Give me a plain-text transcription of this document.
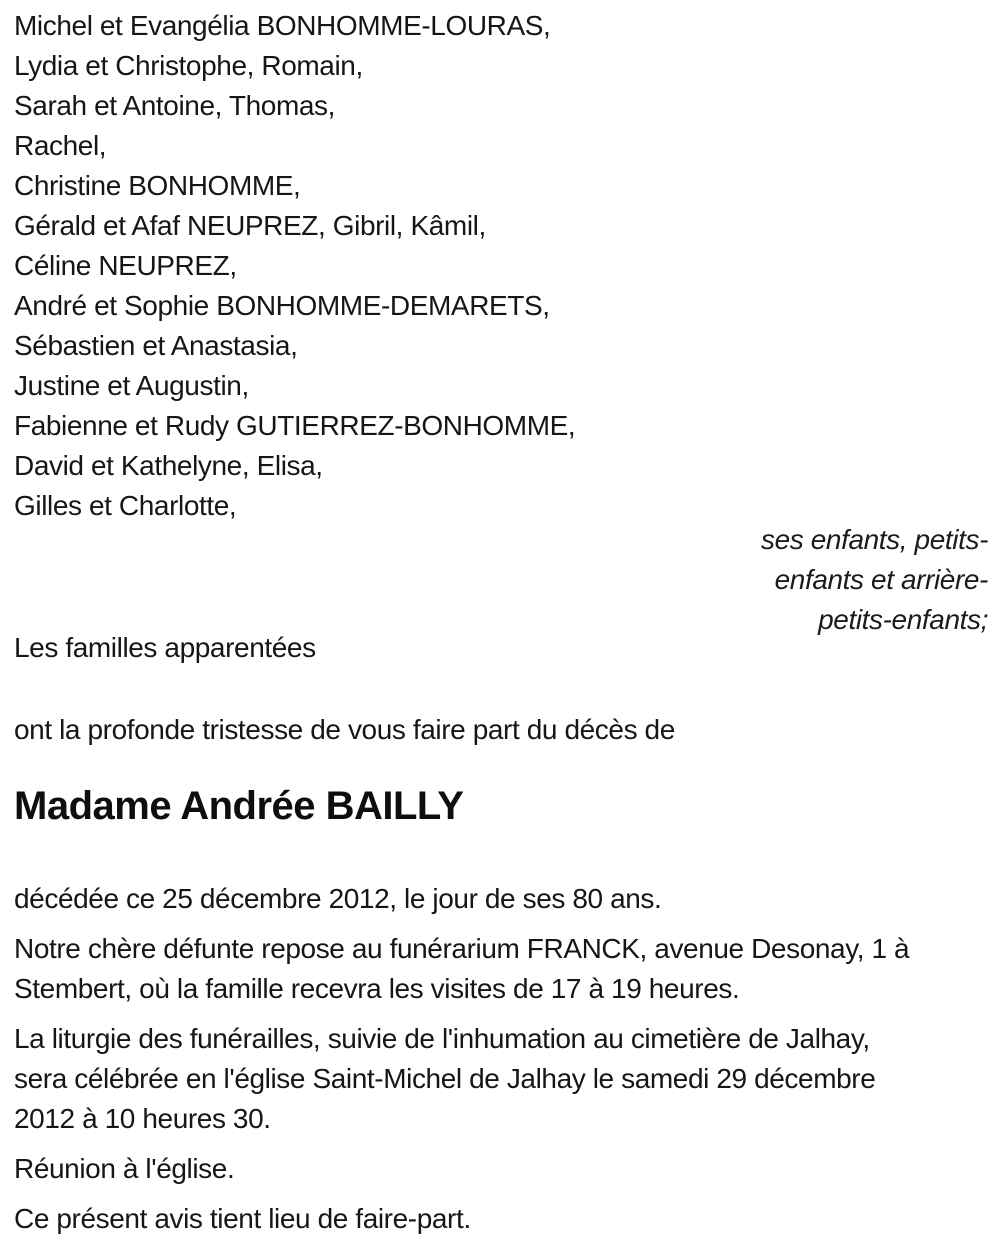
Michel et Evangélia BONHOMME-LOURAS,
Lydia et Christophe, Romain,
Sarah et Antoine, Thomas,
Rachel,
Christine BONHOMME,
Gérald et Afaf NEUPREZ, Gibril, Kâmil,
Céline NEUPREZ,
André et Sophie BONHOMME-DEMARETS,
Sébastien et Anastasia,
Justine et Augustin,
Fabienne et Rudy GUTIERREZ-BONHOMME,
David et Kathelyne, Elisa,
Gilles et Charlotte,
ses enfants, petits-
enfants et arrière-
petits-enfants;
Les familles apparentées
ont la profonde tristesse de vous faire part du décès de
Madame Andrée BAILLY
décédée ce 25 décembre 2012, le jour de ses 80 ans.
Notre chère défunte repose au funérarium FRANCK, avenue Desonay, 1 à
Stembert, où la famille recevra les visites de 17 à 19 heures.
La liturgie des funérailles, suivie de l'inhumation au cimetière de Jalhay,
sera célébrée en l'église Saint-Michel de Jalhay le samedi 29 décembre
2012 à 10 heures 30.
Réunion à l'église.
Ce présent avis tient lieu de faire-part.
